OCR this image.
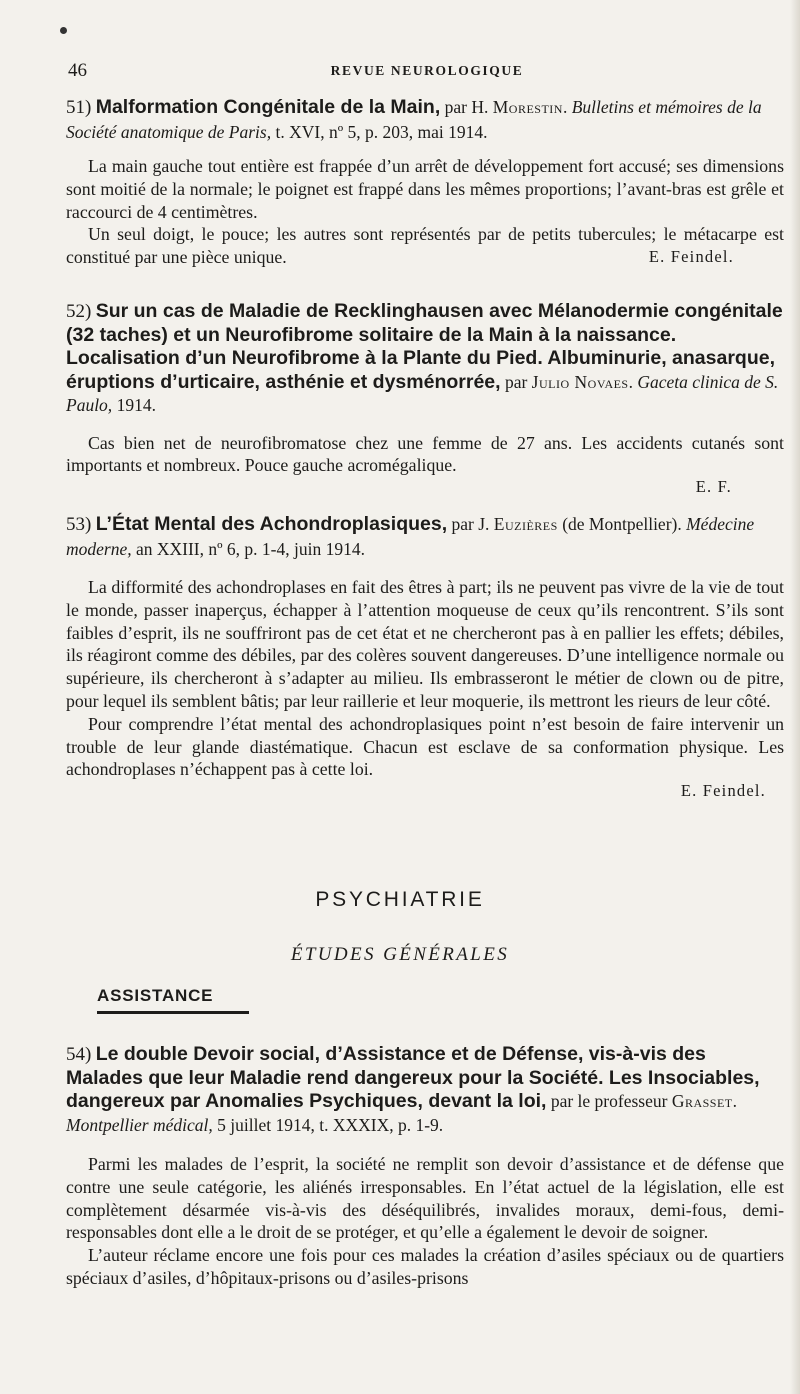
46	REVUE NEUROLOGIQUE
51) Malformation Congénitale de la Main, par H. Morestin. Bulletins et mémoires de la Société anatomique de Paris, t. XVI, nº 5, p. 203, mai 1914.

La main gauche tout entière est frappée d’un arrêt de développement fort accusé; ses dimensions sont moitié de la normale; le poignet est frappé dans les mêmes proportions; l’avant-bras est grêle et raccourci de 4 centimètres.

Un seul doigt, le pouce; les autres sont représentés par de petits tubercules; le métacarpe est constitué par une pièce unique.	E. Feindel.
52) Sur un cas de Maladie de Recklinghausen avec Mélanodermie congénitale (32 taches) et un Neurofibrome solitaire de la Main à la naissance. Localisation d’un Neurofibrome à la Plante du Pied. Albuminurie, anasarque, éruptions d’urticaire, asthénie et dysménorrée, par Julio Novaes. Gaceta clinica de S. Paulo, 1914.

Cas bien net de neurofibromatose chez une femme de 27 ans. Les accidents cutanés sont importants et nombreux. Pouce gauche acromégalique.

E. F.
53) L’État Mental des Achondroplasiques, par J. Euzières (de Montpellier). Médecine moderne, an XXIII, nº 6, p. 1-4, juin 1914.

La difformité des achondroplases en fait des êtres à part; ils ne peuvent pas vivre de la vie de tout le monde, passer inaperçus, échapper à l’attention moqueuse de ceux qu’ils rencontrent. S’ils sont faibles d’esprit, ils ne souffriront pas de cet état et ne chercheront pas à en pallier les effets; débiles, ils réagiront comme des débiles, par des colères souvent dangereuses. D’une intelligence normale ou supérieure, ils chercheront à s’adapter au milieu. Ils embrasseront le métier de clown ou de pitre, pour lequel ils semblent bâtis; par leur raillerie et leur moquerie, ils mettront les rieurs de leur côté.

Pour comprendre l’état mental des achondroplasiques point n’est besoin de faire intervenir un trouble de leur glande diastématique. Chacun est esclave de sa conformation physique. Les achondroplases n’échappent pas à cette loi.

E. Feindel.
PSYCHIATRIE
ÉTUDES GÉNÉRALES
ASSISTANCE
54) Le double Devoir social, d’Assistance et de Défense, vis-à-vis des Malades que leur Maladie rend dangereux pour la Société. Les Insociables, dangereux par Anomalies Psychiques, devant la loi, par le professeur Grasset. Montpellier médical, 5 juillet 1914, t. XXXIX, p. 1-9.

Parmi les malades de l’esprit, la société ne remplit son devoir d’assistance et de défense que contre une seule catégorie, les aliénés irresponsables. En l’état actuel de la législation, elle est complètement désarmée vis-à-vis des déséquilibrés, invalides moraux, demi-fous, demi-responsables dont elle a le droit de se protéger, et qu’elle a également le devoir de soigner.

L’auteur réclame encore une fois pour ces malades la création d’asiles spéciaux ou de quartiers spéciaux d’asiles, d’hôpitaux-prisons ou d’asiles-prisons
